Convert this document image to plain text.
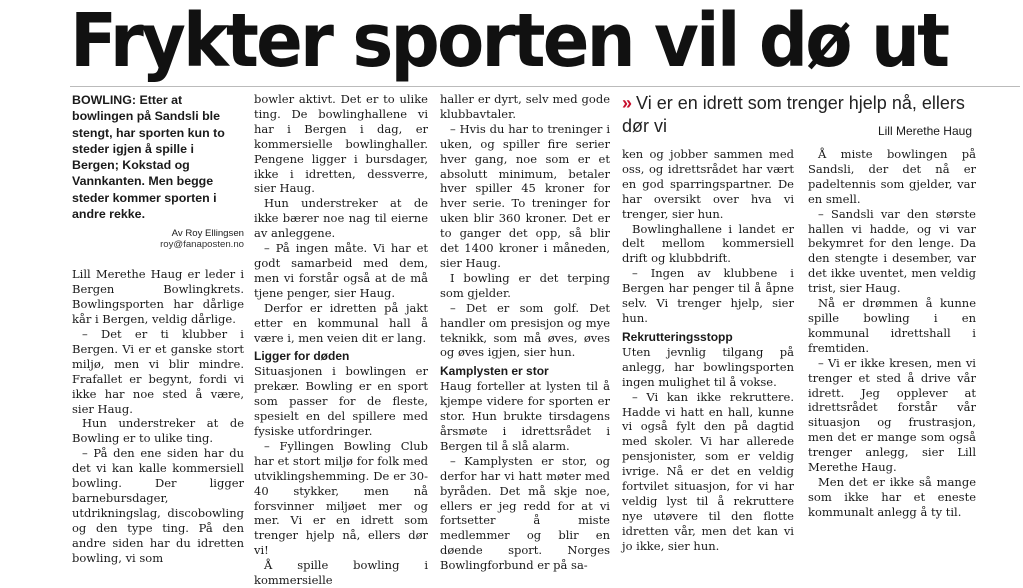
Frykter sporten vil dø ut
BOWLING: Etter at bowlingen på Sandsli ble stengt, har sporten kun to steder igjen å spille i Bergen; Kokstad og Vannkanten. Men begge steder kommer sporten i andre rekke.
Av Roy Ellingsen
roy@fanaposten.no

Lill Merethe Haug er leder i Bergen Bowlingkrets. Bowlingsporten har dårlige kår i Bergen, veldig dårlige.

– Det er ti klubber i Bergen. Vi er et ganske stort miljø, men vi blir mindre. Frafallet er begynt, fordi vi ikke har noe sted å være, sier Haug.

Hun understreker at de Bowling er to ulike ting.

– På den ene siden har du det vi kan kalle kommersiell bowling. Der ligger barnebursdager, utdrikningslag, discobowling og den type ting. På den andre siden har du idretten bowling, vi som

bowler aktivt. Det er to ulike ting. De bowlinghallene vi har i Bergen i dag, er kommersielle bowlinghaller. Pengene ligger i bursdager, ikke i idretten, dessverre, sier Haug.

Hun understreker at de ikke bærer noe nag til eierne av anleggene.

– På ingen måte. Vi har et godt samarbeid med dem, men vi forstår også at de må tjene penger, sier Haug.

Derfor er idretten på jakt etter en kommunal hall å være i, men veien dit er lang.

Ligger for døden

Situasjonen i bowlingen er prekær. Bowling er en sport som passer for de fleste, spesielt en del spillere med fysiske utfordringer.

– Fyllingen Bowling Club har et stort miljø for folk med utviklingshemming. De er 30-40 stykker, men nå forsvinner miljøet mer og mer. Vi er en idrett som trenger hjelp nå, ellers dør vi!

Å spille bowling i kommersielle

haller er dyrt, selv med gode klubbavtaler.

– Hvis du har to treninger i uken, og spiller fire serier hver gang, noe som er et absolutt minimum, betaler hver spiller 45 kroner for hver serie. To treninger for uken blir 360 kroner. Det er to ganger det opp, så blir det 1400 kroner i måneden, sier Haug.

I bowling er det terping som gjelder.

– Det er som golf. Det handler om presisjon og mye teknikk, som må øves, øves og øves igjen, sier hun.

Kamplysten er stor

Haug forteller at lysten til å kjempe videre for sporten er stor. Hun brukte tirsdagens årsmøte i idrettsrådet i Bergen til å slå alarm.

– Kamplysten er stor, og derfor har vi hatt møter med byråden. Det må skje noe, ellers er jeg redd for at vi fortsetter å miste medlemmer og blir en døende sport. Norges Bowlingforbund er på sa-

» Vi er en idrett som trenger hjelp nå, ellers dør vi	Lill Merethe Haug

ken og jobber sammen med oss, og idrettsrådet har vært en god sparringspartner. De har oversikt over hva vi trenger, sier hun.

Bowlinghallene i landet er delt mellom kommersiell drift og klubbdrift.

– Ingen av klubbene i Bergen har penger til å åpne selv. Vi trenger hjelp, sier hun.

Rekrutteringsstopp

Uten jevnlig tilgang på anlegg, har bowlingsporten ingen mulighet til å vokse.

– Vi kan ikke rekruttere. Hadde vi hatt en hall, kunne vi også fylt den på dagtid med skoler. Vi har allerede pensjonister, som er veldig ivrige. Nå er det en veldig fortvilet situasjon, for vi har veldig lyst til å rekruttere nye utøvere til den flotte idretten vår, men det kan vi jo ikke, sier hun.

Å miste bowlingen på Sandsli, der det nå er padeltennis som gjelder, var en smell.

– Sandsli var den største hallen vi hadde, og vi var bekymret for den lenge. Da den stengte i desember, var det ikke uventet, men veldig trist, sier Haug.

Nå er drømmen å kunne spille bowling i en kommunal idrettshall i fremtiden.

– Vi er ikke kresen, men vi trenger et sted å drive vår idrett. Jeg opplever at idrettsrådet forstår vår situasjon og frustrasjon, men det er mange som også trenger anlegg, sier Lill Merethe Haug.

Men det er ikke så mange som ikke har et eneste kommunalt anlegg å ty til.
